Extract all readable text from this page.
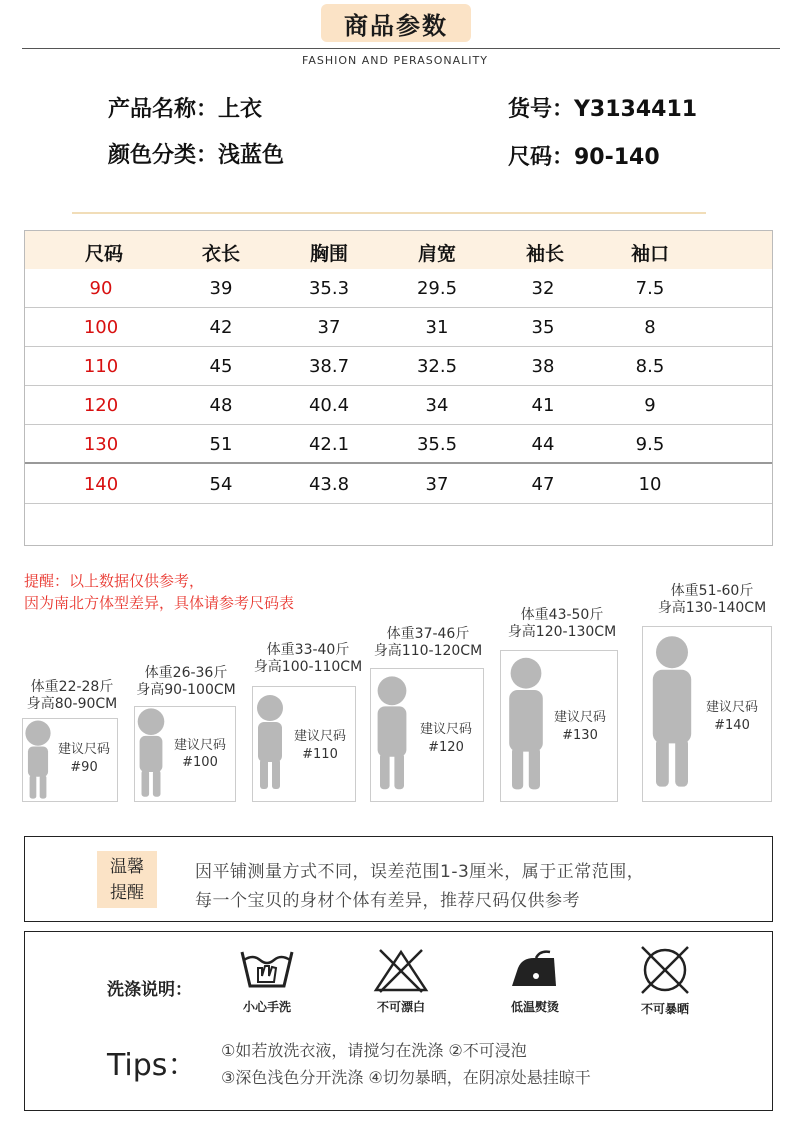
商品参数
FASHION AND PERASONALITY
产品名称：上衣	货号：Y3134411
颜色分类：浅蓝色	尺码：90-140
尺码	衣长	胸围	肩宽	袖长	袖口
90	39	35.3	29.5	32	7.5
100	42	37	31	35	8
110	45	38.7	32.5	38	8.5
120	48	40.4	34	41	9
130	51	42.1	35.5	44	9.5
140	54	43.8	37	47	10
提醒：以上数据仅供参考，
因为南北方体型差异，具体请参考尺码表
体重22-28斤
身高80-90CM
建议尺码
#90
体重26-36斤
身高90-100CM
建议尺码
#100
体重33-40斤
身高100-110CM
建议尺码
#110
体重37-46斤
身高110-120CM
建议尺码
#120
体重43-50斤
身高120-130CM
建议尺码
#130
体重51-60斤
身高130-140CM
建议尺码
#140
温馨
提醒
因平铺测量方式不同，误差范围1-3厘米，属于正常范围，
每一个宝贝的身材个体有差异，推荐尺码仅供参考
洗涤说明：
小心手洗	不可漂白	低温熨烫	不可暴晒
Tips： ①如若放洗衣液，请搅匀在洗涤 ②不可浸泡
③深色浅色分开洗涤 ④切勿暴晒，在阴凉处悬挂晾干
